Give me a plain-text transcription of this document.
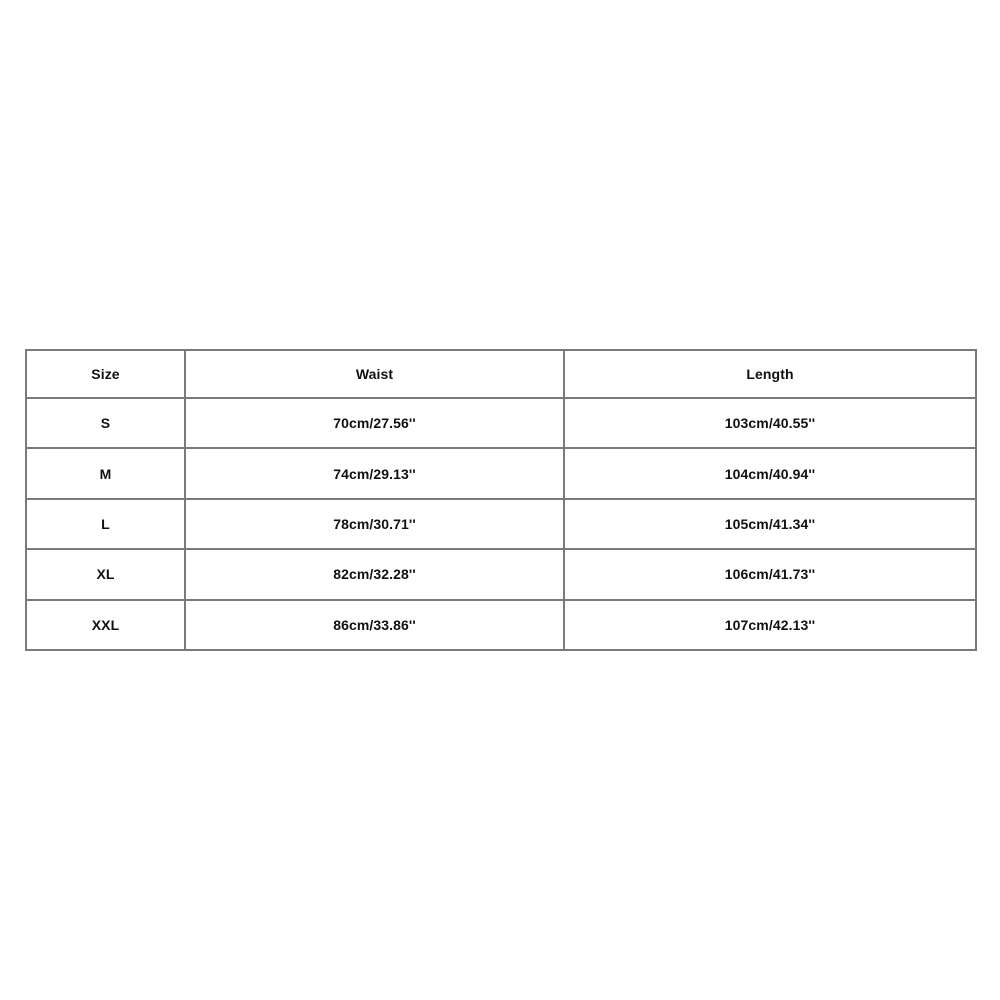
Size	Waist	Length
S	70cm/27.56''	103cm/40.55''
M	74cm/29.13''	104cm/40.94''
L	78cm/30.71''	105cm/41.34''
XL	82cm/32.28''	106cm/41.73''
XXL	86cm/33.86''	107cm/42.13''
